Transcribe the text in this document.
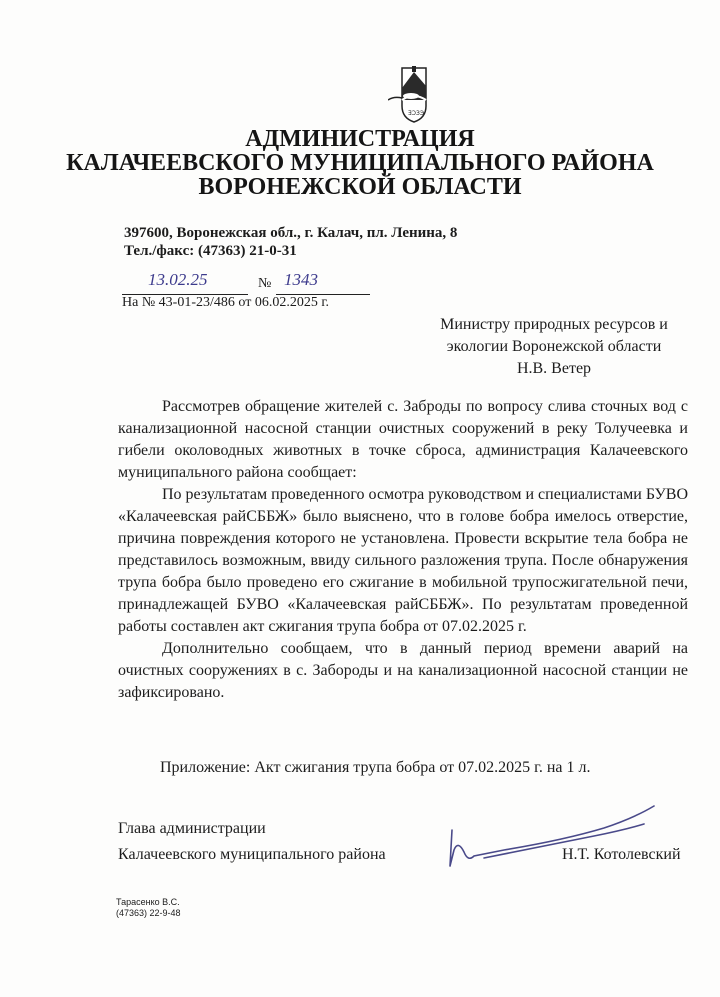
ƎƆЗЭ
АДМИНИСТРАЦИЯ
КАЛАЧЕЕВСКОГО МУНИЦИПАЛЬНОГО РАЙОНА
ВОРОНЕЖСКОЙ ОБЛАСТИ
397600, Воронежская обл., г. Калач, пл. Ленина, 8
Тел./факс: (47363) 21-0-31
13.02.25	№ 1343
На № 43-01-23/486 от 06.02.2025 г.
Министру природных ресурсов и
экологии Воронежской области
Н.В. Ветер

Рассмотрев обращение жителей с. Заброды по вопросу слива сточных вод с канализационной насосной станции очистных сооружений в реку Толучеевка и гибели околоводных животных в точке сброса, администрация Калачеевского муниципального района сообщает:

По результатам проведенного осмотра руководством и специалистами БУВО «Калачеевская райСББЖ» было выяснено, что в голове бобра имелось отверстие, причина повреждения которого не установлена. Провести вскрытие тела бобра не представилось возможным, ввиду сильного разложения трупа. После обнаружения трупа бобра было проведено его сжигание в мобильной трупосжигательной печи, принадлежащей БУВО «Калачеевская райСББЖ». По результатам проведенной работы составлен акт сжигания трупа бобра от 07.02.2025 г.

Дополнительно сообщаем, что в данный период времени аварий на очистных сооружениях в с. Забороды и на канализационной насосной станции не зафиксировано.

Приложение: Акт сжигания трупа бобра от 07.02.2025 г. на 1 л.
Глава администрации
Калачеевского муниципального района	Н.Т. Котолевский
Тарасенко В.С.
(47363) 22-9-48
